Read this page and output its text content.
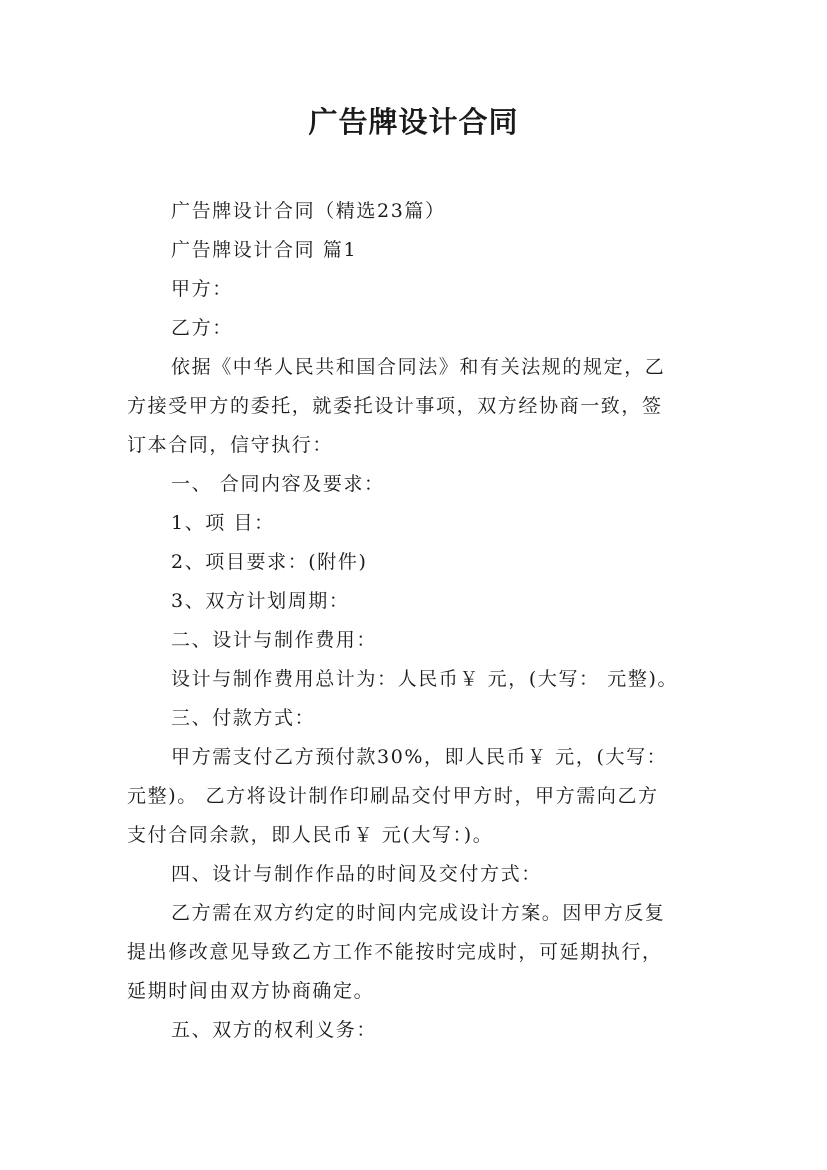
广告牌设计合同
广告牌设计合同（精选23篇）
广告牌设计合同 篇1
甲方：
乙方：
依据《中华人民共和国合同法》和有关法规的规定，乙
方接受甲方的委托，就委托设计事项，双方经协商一致，签
订本合同，信守执行：
一、 合同内容及要求：
1、项 目：
2、项目要求：(附件)
3、双方计划周期：
二、设计与制作费用：
设计与制作费用总计为：人民币￥ 元，(大写： 元整)。
三、付款方式：
甲方需支付乙方预付款30%，即人民币￥ 元，(大写：
元整)。 乙方将设计制作印刷品交付甲方时，甲方需向乙方
支付合同余款，即人民币￥ 元(大写：)。
四、设计与制作作品的时间及交付方式：
乙方需在双方约定的时间内完成设计方案。因甲方反复
提出修改意见导致乙方工作不能按时完成时，可延期执行，
延期时间由双方协商确定。
五、双方的权利义务：
